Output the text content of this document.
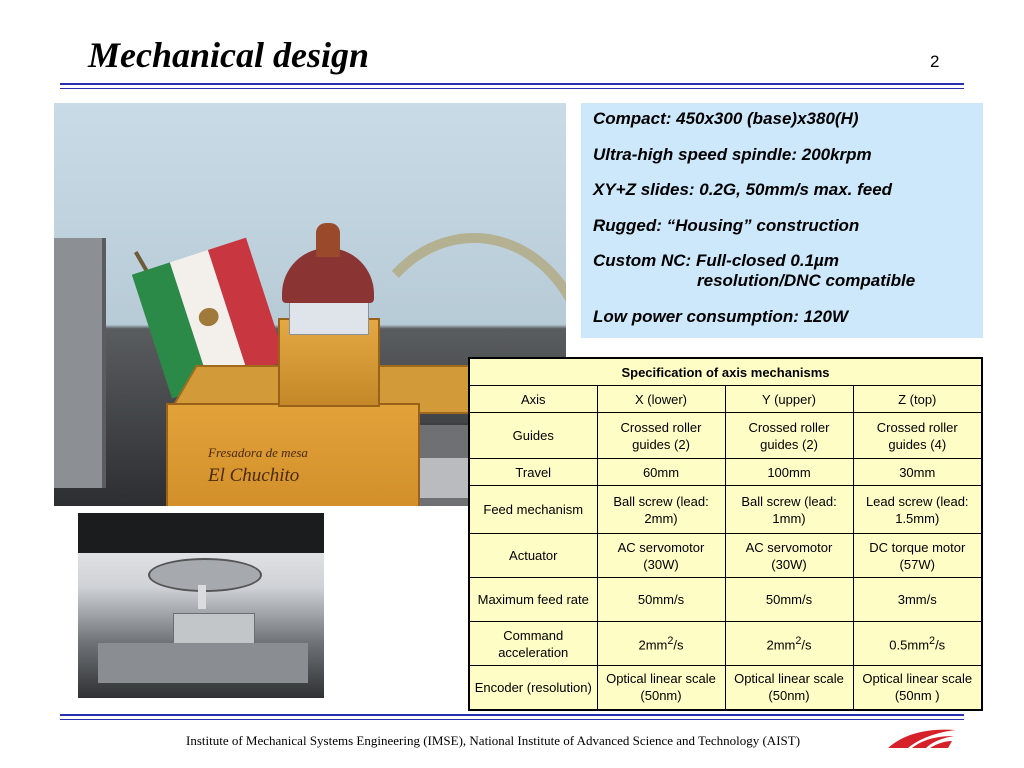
Mechanical design	2
Fresadora de mesa
El Chuchito
Compact: 450x300 (base)x380(H)
Ultra-high speed spindle: 200krpm
XY+Z slides: 0.2G, 50mm/s max. feed
Rugged: “Housing” construction
Custom NC: Full-closed 0.1µm
resolution/DNC compatible
Low power consumption: 120W
Specification of axis mechanisms			
Axis	X (lower)	Y (upper)	Z (top)
Guides	Crossed roller guides (2)	Crossed roller guides (2)	Crossed roller guides (4)
Travel	60mm	100mm	30mm
Feed mechanism	Ball screw (lead: 2mm)	Ball screw (lead: 1mm)	Lead screw (lead: 1.5mm)
Actuator	AC servomotor (30W)	AC servomotor (30W)	DC torque motor (57W)
Maximum feed rate	50mm/s	50mm/s	3mm/s
Command acceleration	$2mm^2/s$	$2mm^2/s$	$0.5mm^2/s$
Encoder (resolution)	Optical linear scale (50nm)	Optical linear scale (50nm)	Optical linear scale (50nm )
Institute of Mechanical Systems Engineering (IMSE), National Institute of Advanced Science and Technology (AIST)
